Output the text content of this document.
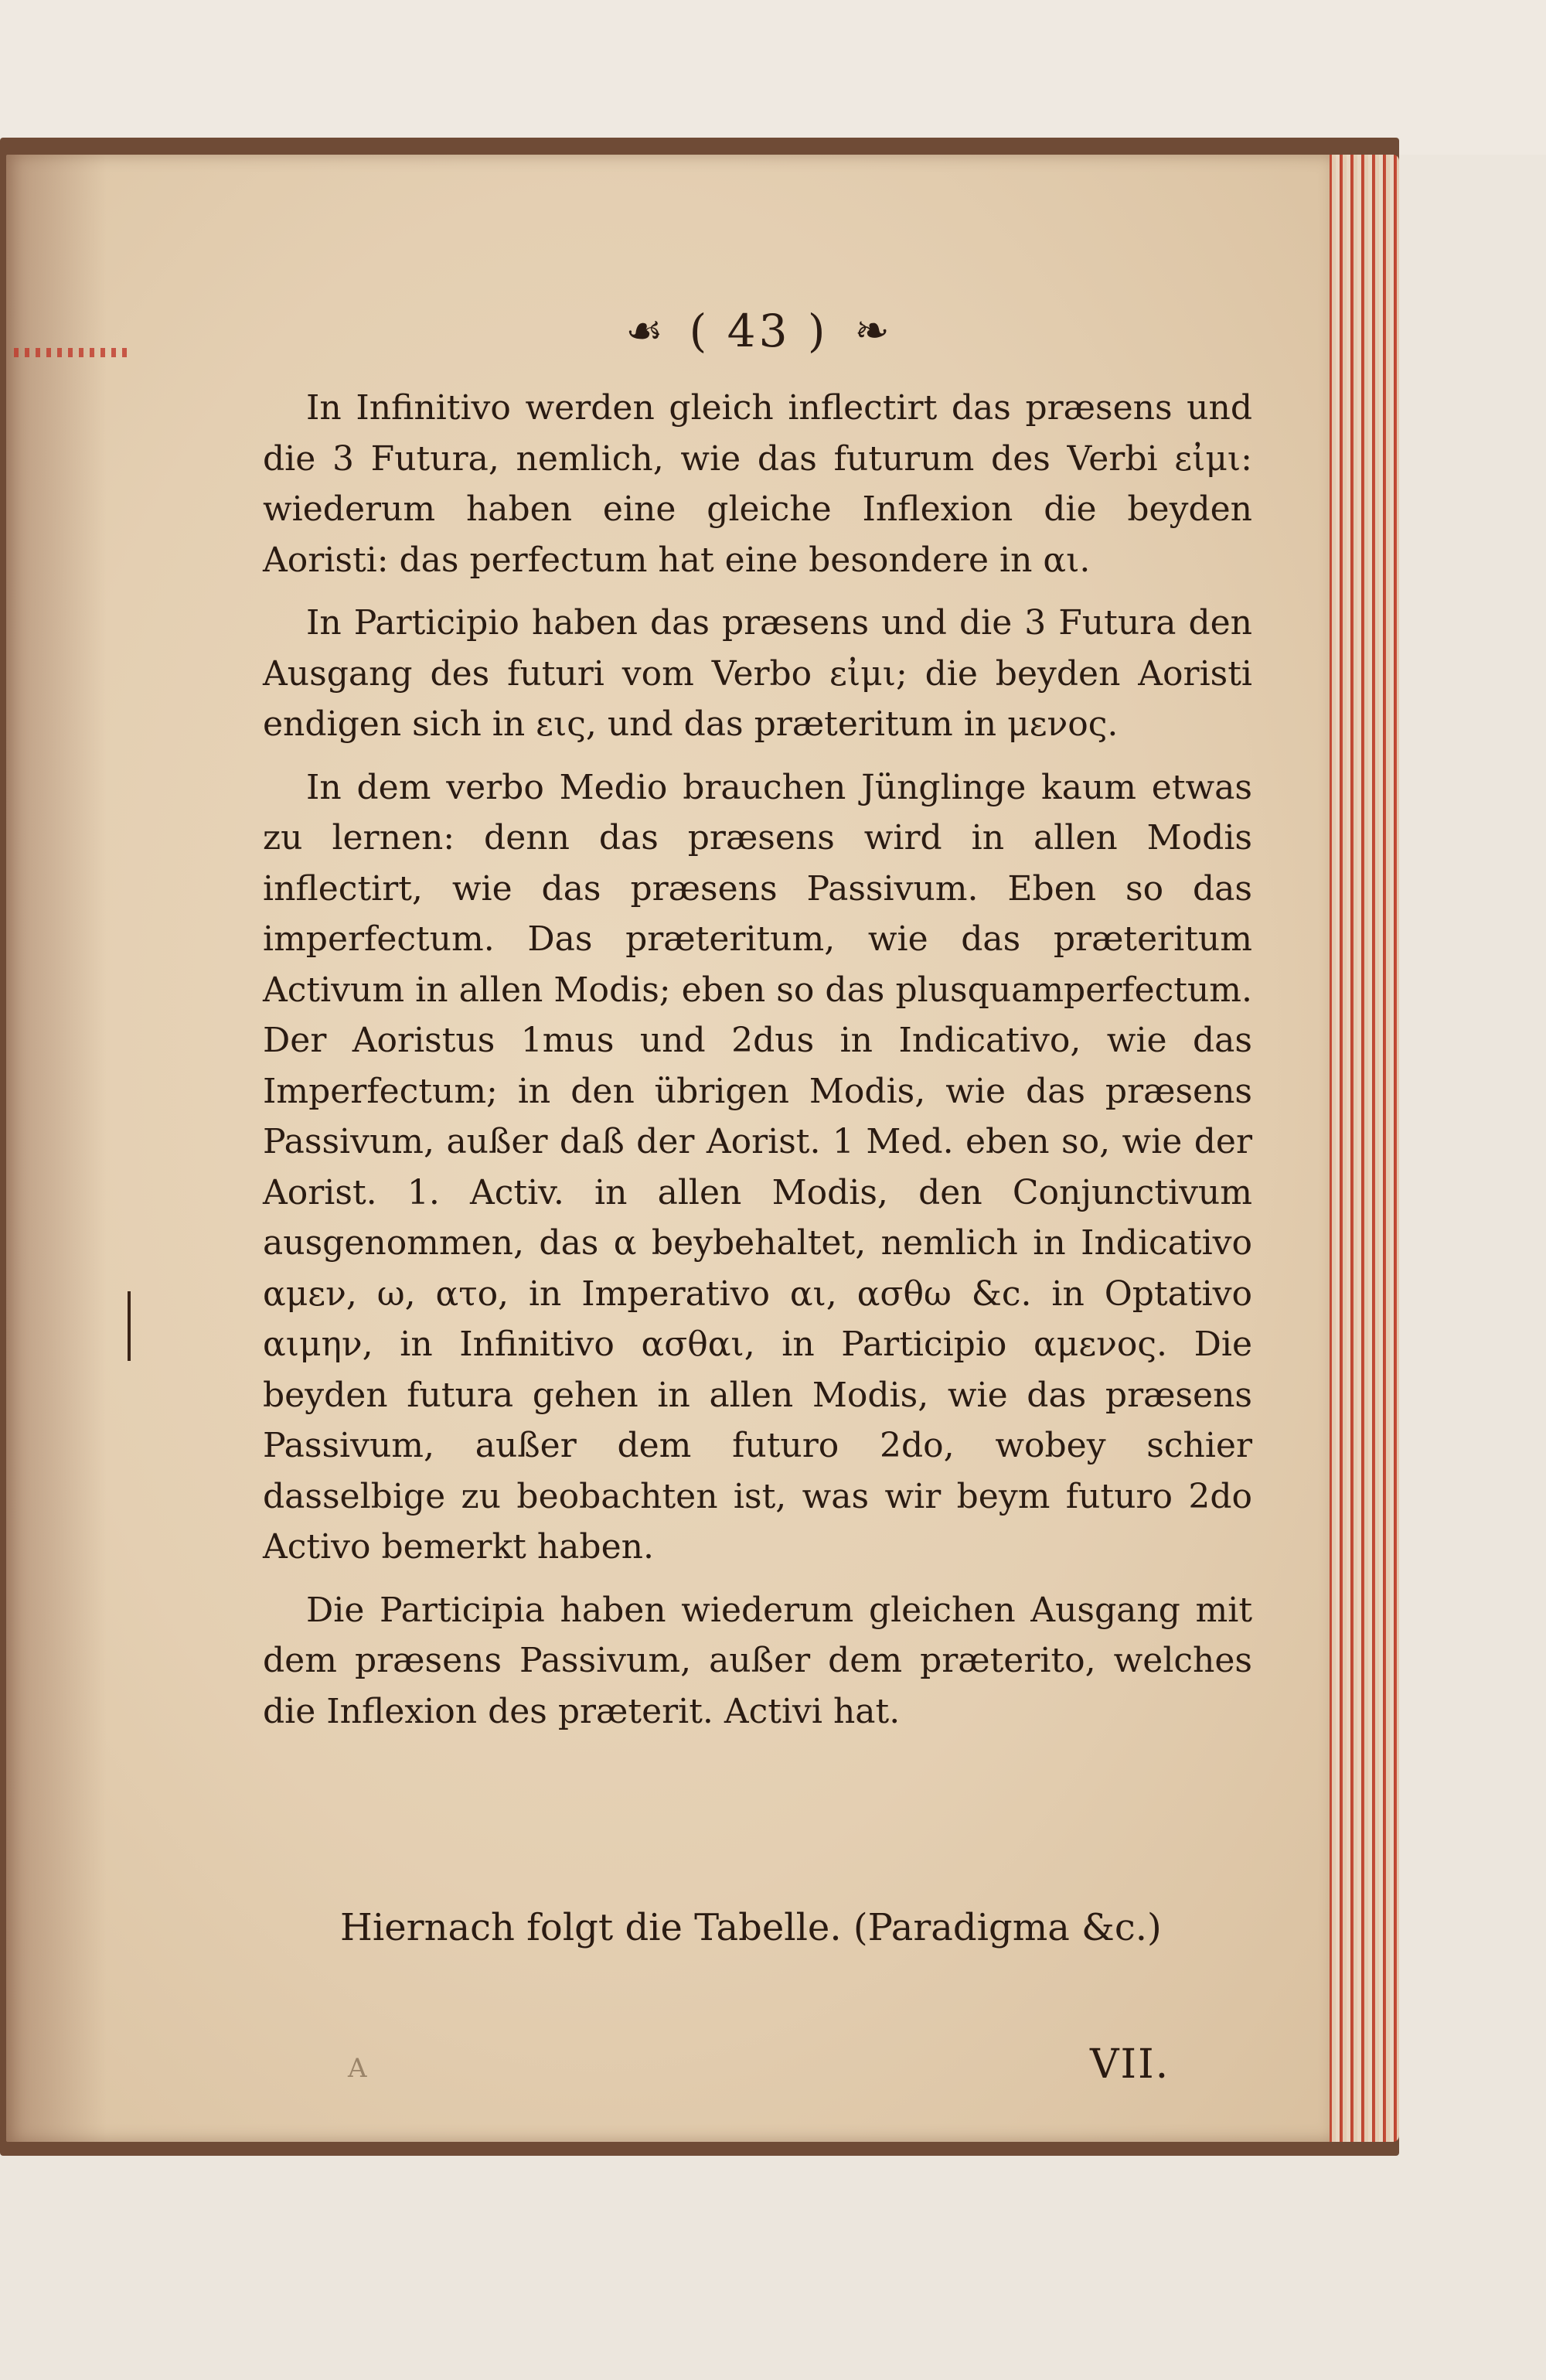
☙ ( 43 ) ❧

In Infinitivo werden gleich inflectirt das præsens und die 3 Futura, nemlich, wie das futurum des Verbi εἰμι: wiederum haben eine gleiche Inflexion die beyden Aoristi: das perfectum hat eine besondere in αι.

In Participio haben das præsens und die 3 Futura den Ausgang des futuri vom Verbo εἰμι; die beyden Aoristi endigen sich in εις, und das præteritum in μενος.

In dem verbo Medio brauchen Jünglinge kaum etwas zu lernen: denn das præsens wird in allen Modis inflectirt, wie das præsens Passivum. Eben so das imperfectum. Das præteritum, wie das præteritum Activum in allen Modis; eben so das plusquamperfectum. Der Aoristus 1mus und 2dus in Indicativo, wie das Imperfectum; in den übrigen Modis, wie das præsens Passivum, außer daß der Aorist. 1 Med. eben so, wie der Aorist. 1. Activ. in allen Modis, den Conjunctivum ausgenommen, das α beybehaltet, nemlich in Indicativo αμεν, ω, ατο, in Imperativo αι, ασθω &c. in Optativo αιμην, in Infinitivo ασθαι, in Participio αμενος. Die beyden futura gehen in allen Modis, wie das præsens Passivum, außer dem futuro 2do, wobey schier dasselbige zu beobachten ist, was wir beym futuro 2do Activo bemerkt haben.

Die Participia haben wiederum gleichen Ausgang mit dem præsens Passivum, außer dem præterito, welches die Inflexion des præterit. Activi hat.

Hiernach folgt die Tabelle. (Paradigma &c.)
A	VII.
